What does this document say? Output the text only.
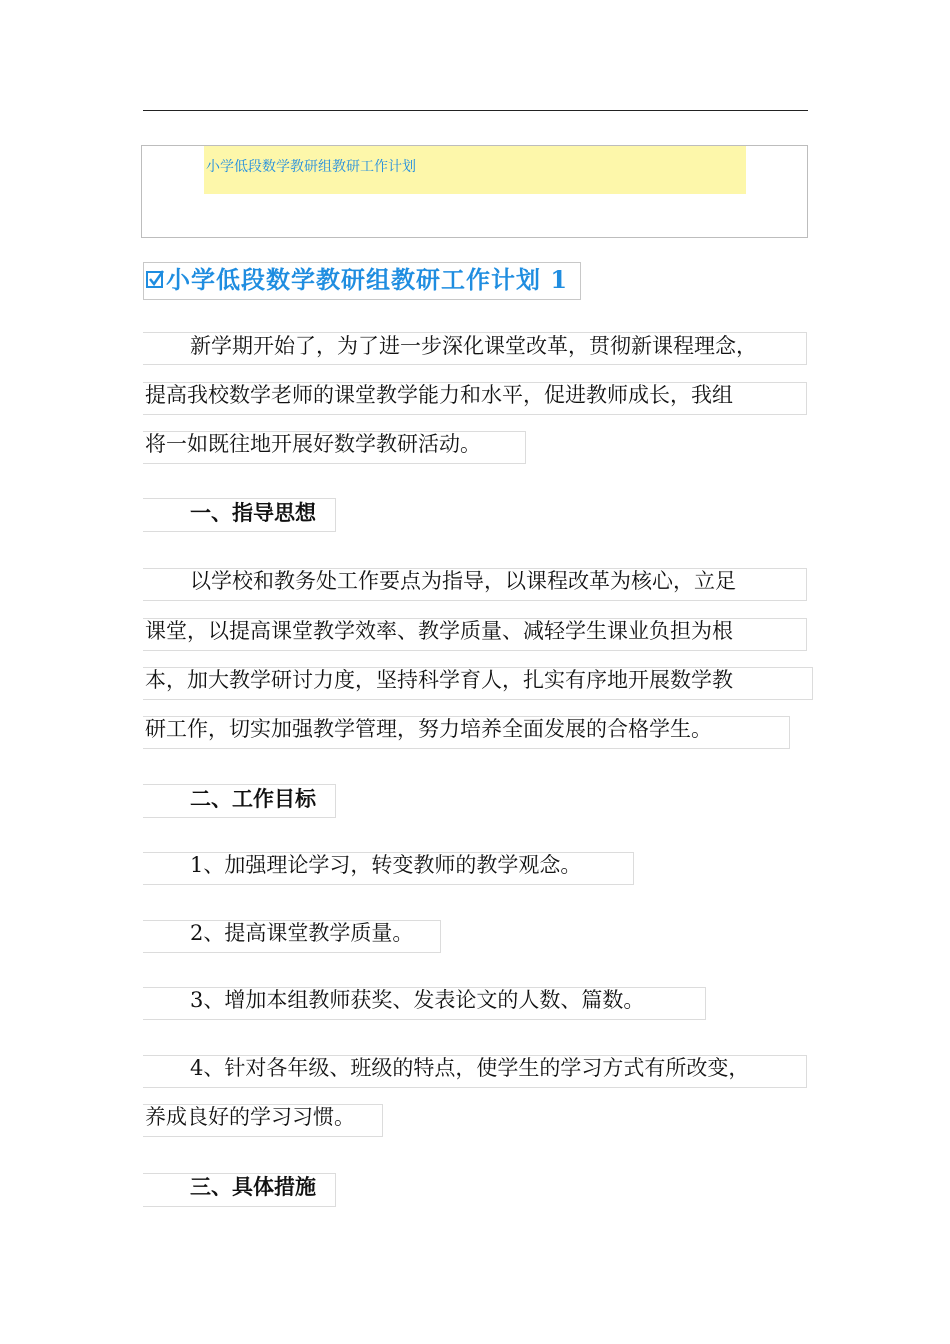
小学低段数学教研组教研工作计划
小学低段数学教研组教研工作计划 1
新学期开始了，为了进一步深化课堂改革，贯彻新课程理念，
提高我校数学老师的课堂教学能力和水平，促进教师成长，我组
将一如既往地开展好数学教研活动。
一、指导思想
以学校和教务处工作要点为指导，以课程改革为核心，立足
课堂，以提高课堂教学效率、教学质量、减轻学生课业负担为根
本，加大教学研讨力度，坚持科学育人，扎实有序地开展数学教
研工作，切实加强教学管理，努力培养全面发展的合格学生。
二、工作目标
1、加强理论学习，转变教师的教学观念。
2、提高课堂教学质量。
3、增加本组教师获奖、发表论文的人数、篇数。
4、针对各年级、班级的特点，使学生的学习方式有所改变，
养成良好的学习习惯。
三、具体措施
